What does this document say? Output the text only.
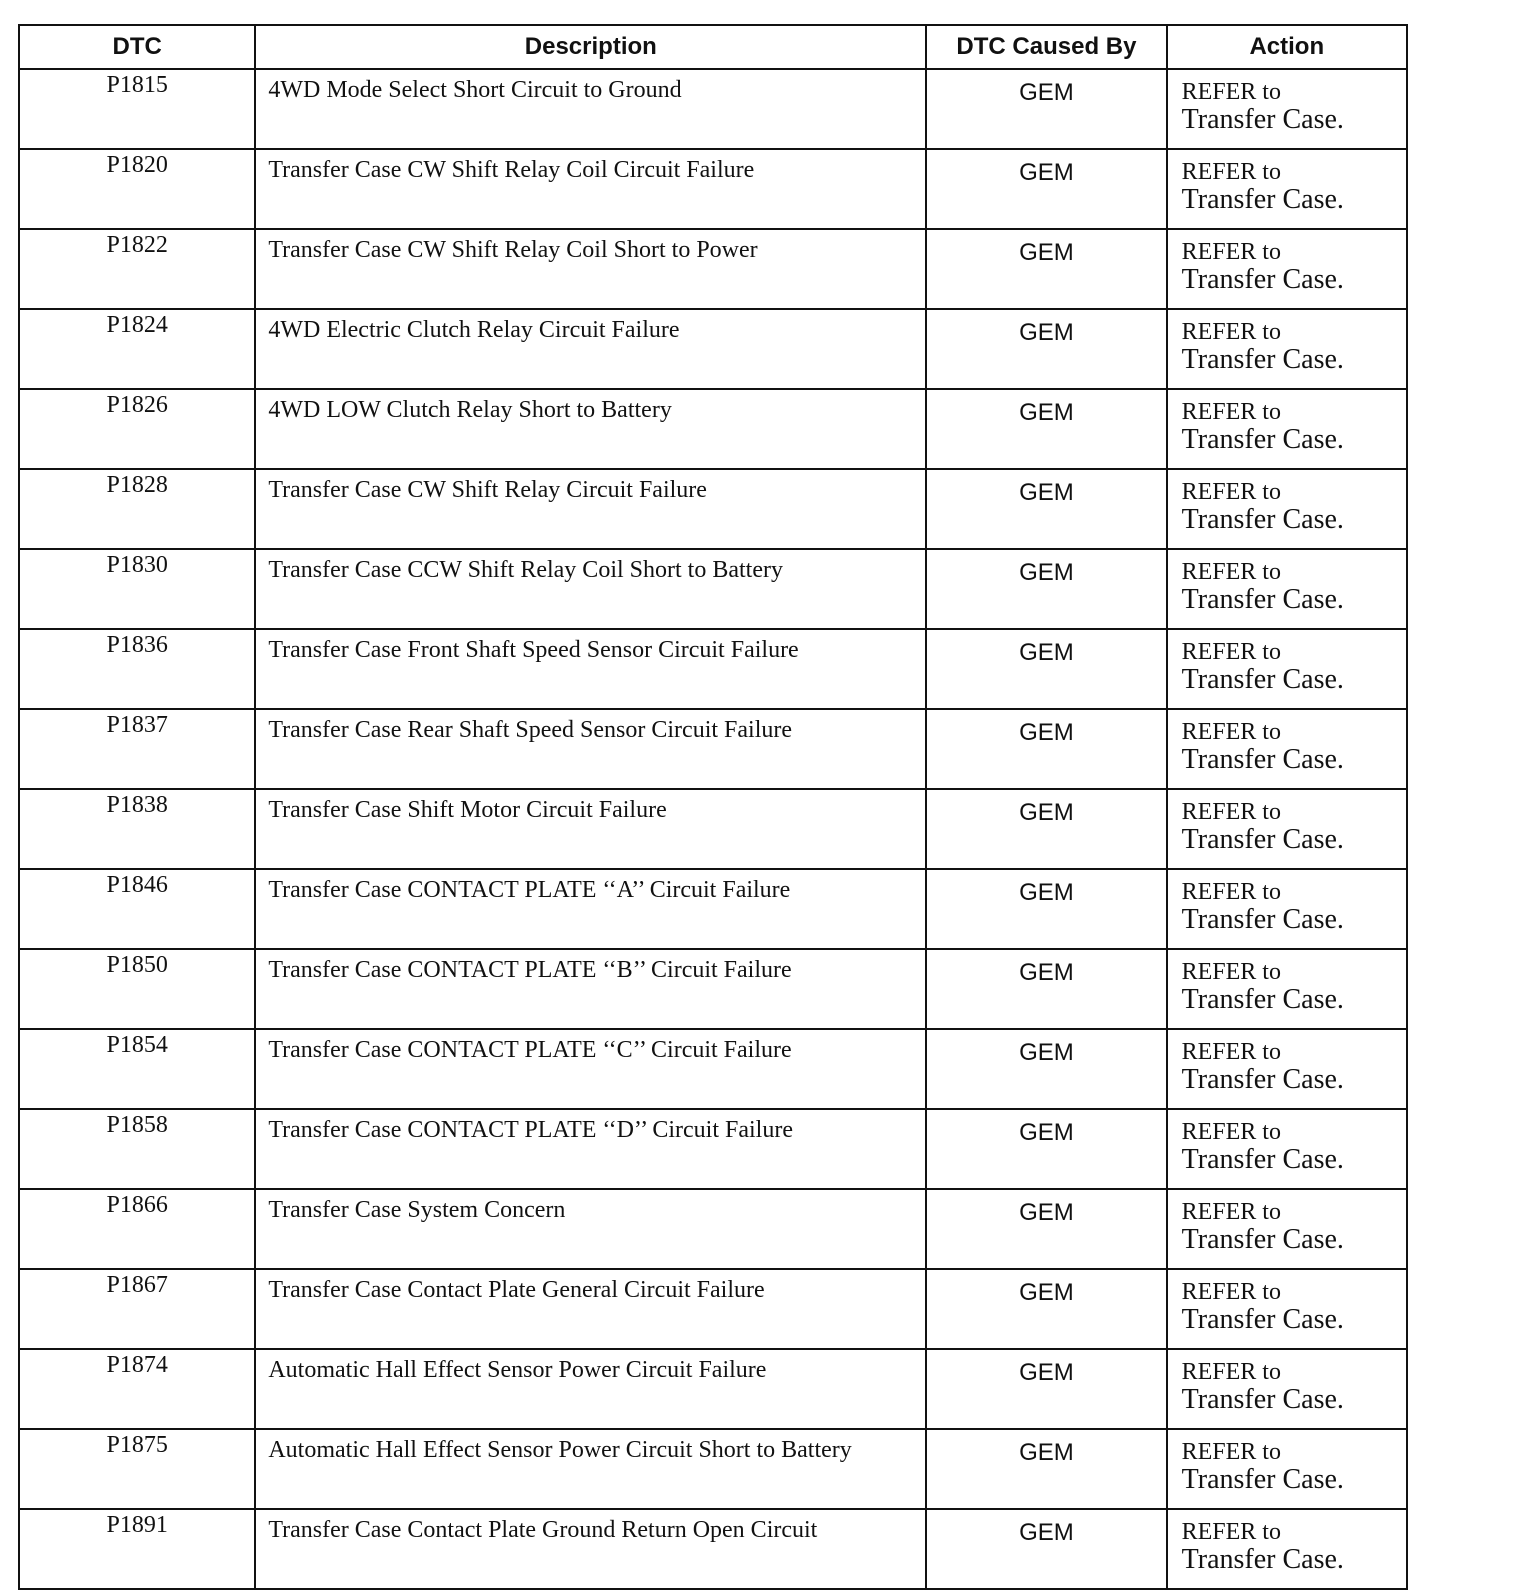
DTC	Description	DTC Caused By	Action
P1815	4WD Mode Select Short Circuit to Ground	GEM	REFER to
Transfer Case.

P1820	Transfer Case CW Shift Relay Coil Circuit Failure	GEM	REFER to
Transfer Case.

P1822	Transfer Case CW Shift Relay Coil Short to Power	GEM	REFER to
Transfer Case.

P1824	4WD Electric Clutch Relay Circuit Failure	GEM	REFER to
Transfer Case.

P1826	4WD LOW Clutch Relay Short to Battery	GEM	REFER to
Transfer Case.

P1828	Transfer Case CW Shift Relay Circuit Failure	GEM	REFER to
Transfer Case.

P1830	Transfer Case CCW Shift Relay Coil Short to Battery	GEM	REFER to
Transfer Case.

P1836	Transfer Case Front Shaft Speed Sensor Circuit Failure	GEM	REFER to
Transfer Case.

P1837	Transfer Case Rear Shaft Speed Sensor Circuit Failure	GEM	REFER to
Transfer Case.

P1838	Transfer Case Shift Motor Circuit Failure	GEM	REFER to
Transfer Case.

P1846	Transfer Case CONTACT PLATE ‘‘A’’ Circuit Failure	GEM	REFER to
Transfer Case.

P1850	Transfer Case CONTACT PLATE ‘‘B’’ Circuit Failure	GEM	REFER to
Transfer Case.

P1854	Transfer Case CONTACT PLATE ‘‘C’’ Circuit Failure	GEM	REFER to
Transfer Case.

P1858	Transfer Case CONTACT PLATE ‘‘D’’ Circuit Failure	GEM	REFER to
Transfer Case.

P1866	Transfer Case System Concern	GEM	REFER to
Transfer Case.

P1867	Transfer Case Contact Plate General Circuit Failure	GEM	REFER to
Transfer Case.

P1874	Automatic Hall Effect Sensor Power Circuit Failure	GEM	REFER to
Transfer Case.

P1875	Automatic Hall Effect Sensor Power Circuit Short to Battery	GEM	REFER to
Transfer Case.

P1891	Transfer Case Contact Plate Ground Return Open Circuit	GEM	REFER to
Transfer Case.
